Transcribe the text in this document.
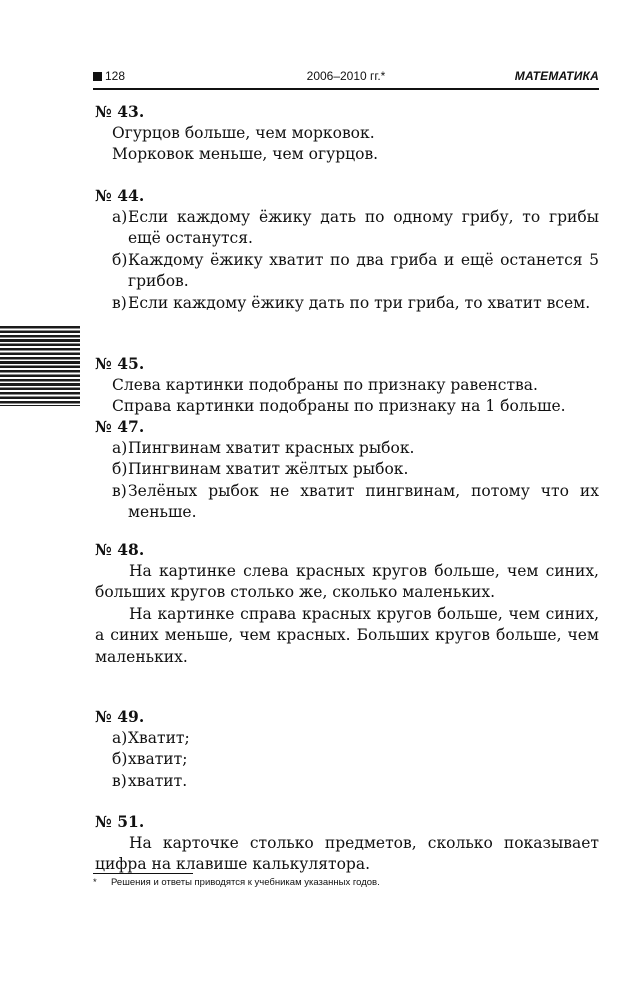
128	2006–2010 гг.*	МАТЕМАТИКА
№ 43.
Огурцов больше, чем морковок.
Морковок меньше, чем огурцов.
№ 44.
а) Если каждому ёжику дать по одному грибу, то грибы ещё останутся.
б) Каждому ёжику хватит по два гриба и ещё останется 5 грибов.
в) Если каждому ёжику дать по три гриба, то хватит всем.
№ 45.
Слева картинки подобраны по признаку равенства.
Справа картинки подобраны по признаку на 1 больше.
№ 47.
а) Пингвинам хватит красных рыбок.
б) Пингвинам хватит жёлтых рыбок.
в) Зелёных рыбок не хватит пингвинам, потому что их меньше.
№ 48.
На картинке слева красных кругов больше, чем синих, больших кругов столько же, сколько маленьких.
На картинке справа красных кругов больше, чем синих, а синих меньше, чем красных. Больших кругов больше, чем маленьких.
№ 49.
а) Хватит;
б) хватит;
в) хватит.
№ 51.
На карточке столько предметов, сколько показывает цифра на клавише калькулятора.
* Решения и ответы приводятся к учебникам указанных годов.
